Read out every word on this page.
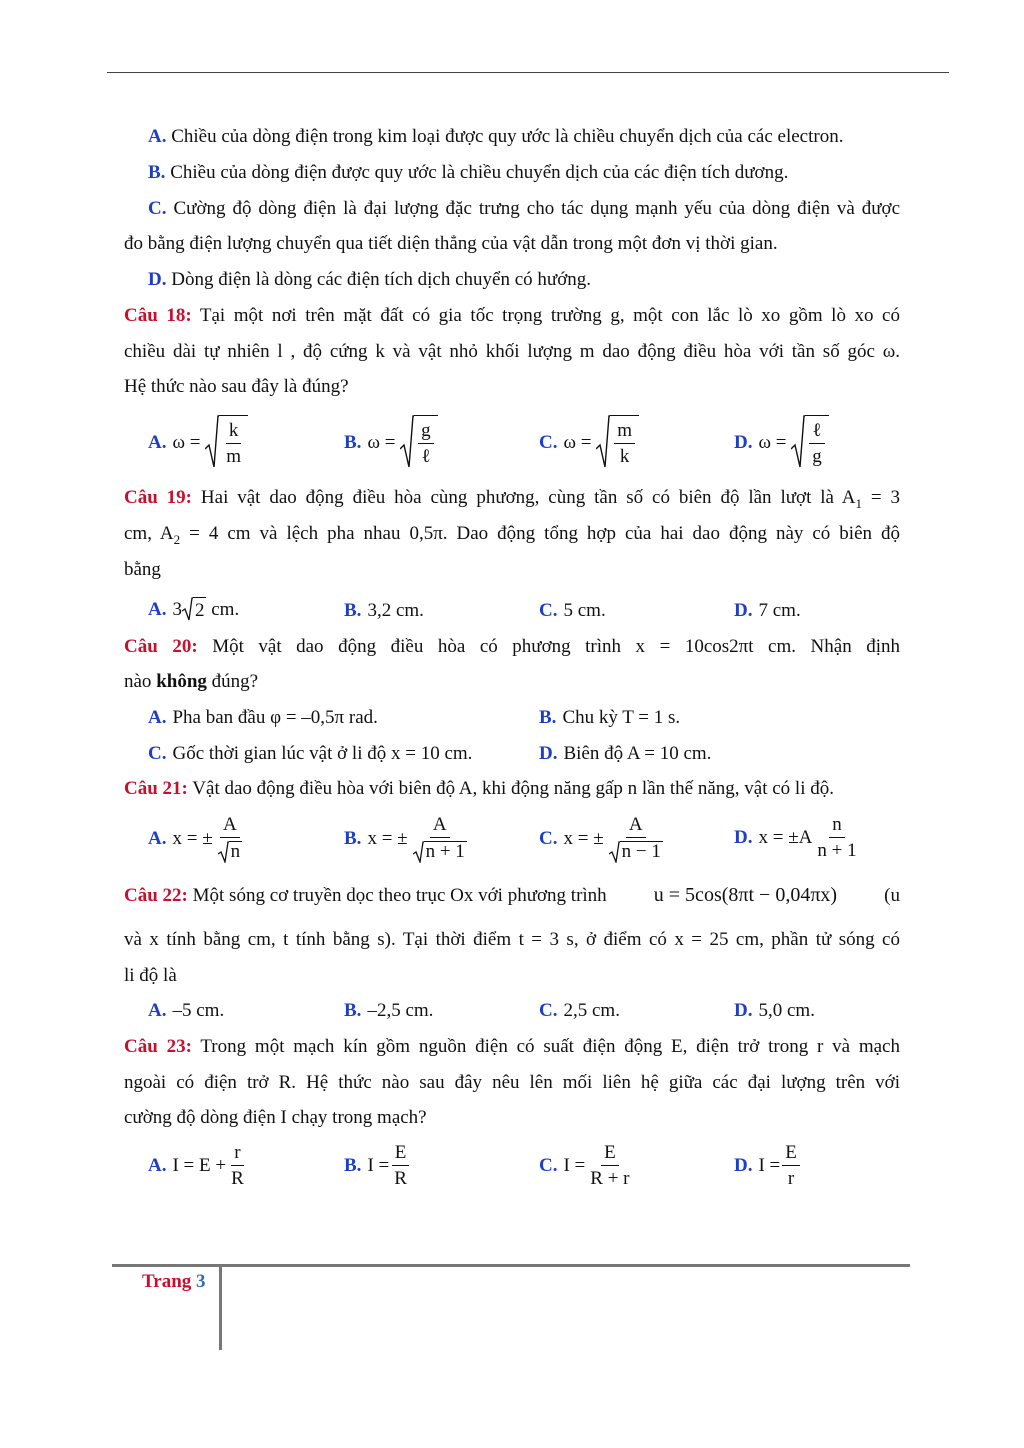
A. Chiều của dòng điện trong kim loại được quy ước là chiều chuyển dịch của các electron.
B. Chiều của dòng điện được quy ước là chiều chuyển dịch của các điện tích dương.
C. Cường độ dòng điện là đại lượng đặc trưng cho tác dụng mạnh yếu của dòng điện và được
đo bằng điện lượng chuyển qua tiết diện thẳng của vật dẫn trong một đơn vị thời gian.
D. Dòng điện là dòng các điện tích dịch chuyển có hướng.
Câu 18: Tại một nơi trên mặt đất có gia tốc trọng trường g, một con lắc lò xo gồm lò xo có
chiều dài tự nhiên l , độ cứng k và vật nhỏ khối lượng m dao động điều hòa với tần số góc ω.
Hệ thức nào sau đây là đúng?
A. ω =
$\frac{k}{m}$	B. ω =
$\frac{g}{\text{ℓ}}$	C. ω =
$\frac{m}{k}$	D. ω =
$\frac{\text{ℓ}}{g}$
Câu 19: Hai vật dao động điều hòa cùng phương, cùng tần số có biên độ lần lượt là $A_1 = 3$
cm, $A_2 = 4$ cm và lệch pha nhau 0,5π. Dao động tổng hợp của hai dao động này có biên độ
bằng
A. 3 2
cm.	B. 3,2 cm.	C. 5 cm.	D. 7 cm.
Câu 20: Một vật dao động điều hòa có phương trình x = 10cos2πt cm. Nhận định
nào không đúng?
A. Pha ban đầu φ = –0,5π rad.	B. Chu kỳ T = 1 s.
C. Gốc thời gian lúc vật ở li độ x = 10 cm.	D. Biên độ A = 10 cm.
Câu 21: Vật dao động điều hòa với biên độ A, khi động năng gấp n lần thế năng, vật có li độ.
A. x = ± $\frac{A}{n}$	B. x = ± $\frac{A}{n + 1}$	C. x = ± $\frac{A}{n - 1}$	D. $x = \pm A \frac{n}{n + 1}$
Câu 22: Một sóng cơ truyền dọc theo trục Ox với phương trình u = 5cos(8πt − 0,04πx) (u
và x tính bằng cm, t tính bằng s). Tại thời điểm t = 3 s, ở điểm có x = 25 cm, phần tử sóng có
li độ là
A. –5 cm.	B. –2,5 cm.	C. 2,5 cm.	D. 5,0 cm.
Câu 23: Trong một mạch kín gồm nguồn điện có suất điện động E, điện trở trong r và mạch
ngoài có điện trở R. Hệ thức nào sau đây nêu lên mối liên hệ giữa các đại lượng trên với
cường độ dòng điện I chạy trong mạch?
A. $I = E + \frac{r}{R}$	B. $I = \frac{E}{R}$	C. $I = \frac{E}{R + r}$	D. $I = \frac{E}{r}$
Trang 3
